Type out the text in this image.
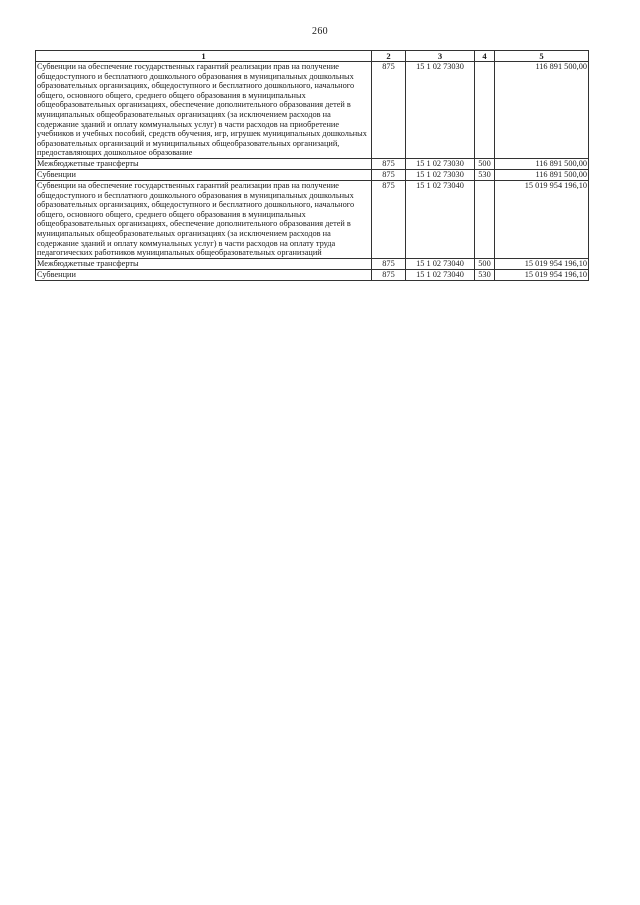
260
1	2	3	4	5
Субвенции на обеспечение государственных гарантий реализации прав на получение общедоступного и бесплатного дошкольного образования в муниципальных дошкольных образовательных организациях, общедоступного и бесплатного дошкольного, начального общего, основного общего, среднего общего образования в муниципальных общеобразовательных организациях, обеспечение дополнительного образования детей в муниципальных общеобразовательных организациях (за исключением расходов на содержание зданий и оплату коммунальных услуг) в части расходов на приобретение учебников и учебных пособий, средств обучения, игр, игрушек муниципальных дошкольных образовательных организаций и муниципальных общеобразовательных организаций, предоставляющих дошкольное образование	875	15 1 02 73030		116 891 500,00
Межбюджетные трансферты	875	15 1 02 73030	500	116 891 500,00
Субвенции	875	15 1 02 73030	530	116 891 500,00
Субвенции на обеспечение государственных гарантий реализации прав на получение общедоступного и бесплатного дошкольного образования в муниципальных дошкольных образовательных организациях, общедоступного и бесплатного дошкольного, начального общего, основного общего, среднего общего образования в муниципальных общеобразовательных организациях, обеспечение дополнительного образования детей в муниципальных общеобразовательных организациях (за исключением расходов на содержание зданий и оплату коммунальных услуг) в части расходов на оплату труда педагогических работников муниципальных общеобразовательных организаций	875	15 1 02 73040		15 019 954 196,10
Межбюджетные трансферты	875	15 1 02 73040	500	15 019 954 196,10
Субвенции	875	15 1 02 73040	530	15 019 954 196,10
